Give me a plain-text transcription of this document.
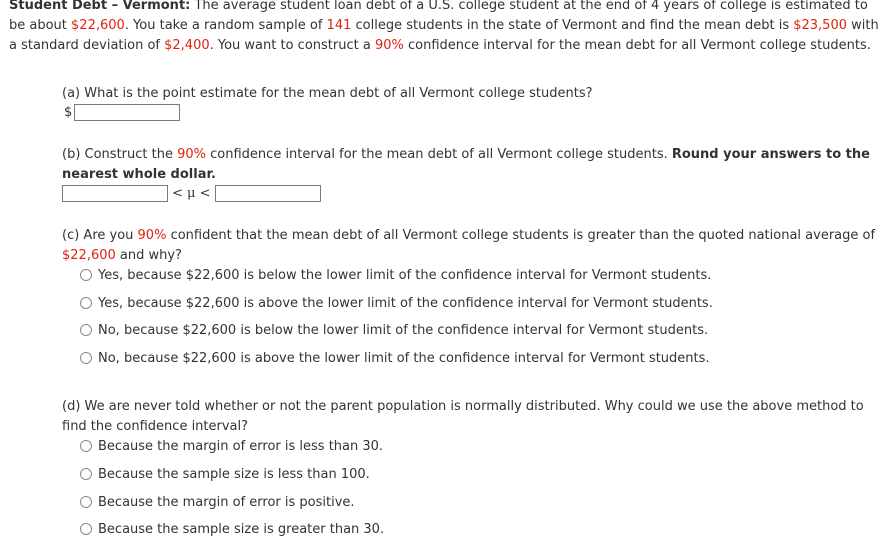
Student Debt – Vermont: The average student loan debt of a U.S. college student at the end of 4 years of college is estimated to be about $22,600. You take a random sample of 141 college students in the state of Vermont and find the mean debt is $23,500 with a standard deviation of $2,400. You want to construct a 90% confidence interval for the mean debt for all Vermont college students.
(a) What is the point estimate for the mean debt of all Vermont college students?
$
(b) Construct the 90% confidence interval for the mean debt of all Vermont college students. Round your answers to the nearest whole dollar.
< μ <
(c) Are you 90% confident that the mean debt of all Vermont college students is greater than the quoted national average of $22,600 and why?
Yes, because $22,600 is below the lower limit of the confidence interval for Vermont students.
Yes, because $22,600 is above the lower limit of the confidence interval for Vermont students.
No, because $22,600 is below the lower limit of the confidence interval for Vermont students.
No, because $22,600 is above the lower limit of the confidence interval for Vermont students.
(d) We are never told whether or not the parent population is normally distributed. Why could we use the above method to find the confidence interval?
Because the margin of error is less than 30.
Because the sample size is less than 100.
Because the margin of error is positive.
Because the sample size is greater than 30.
